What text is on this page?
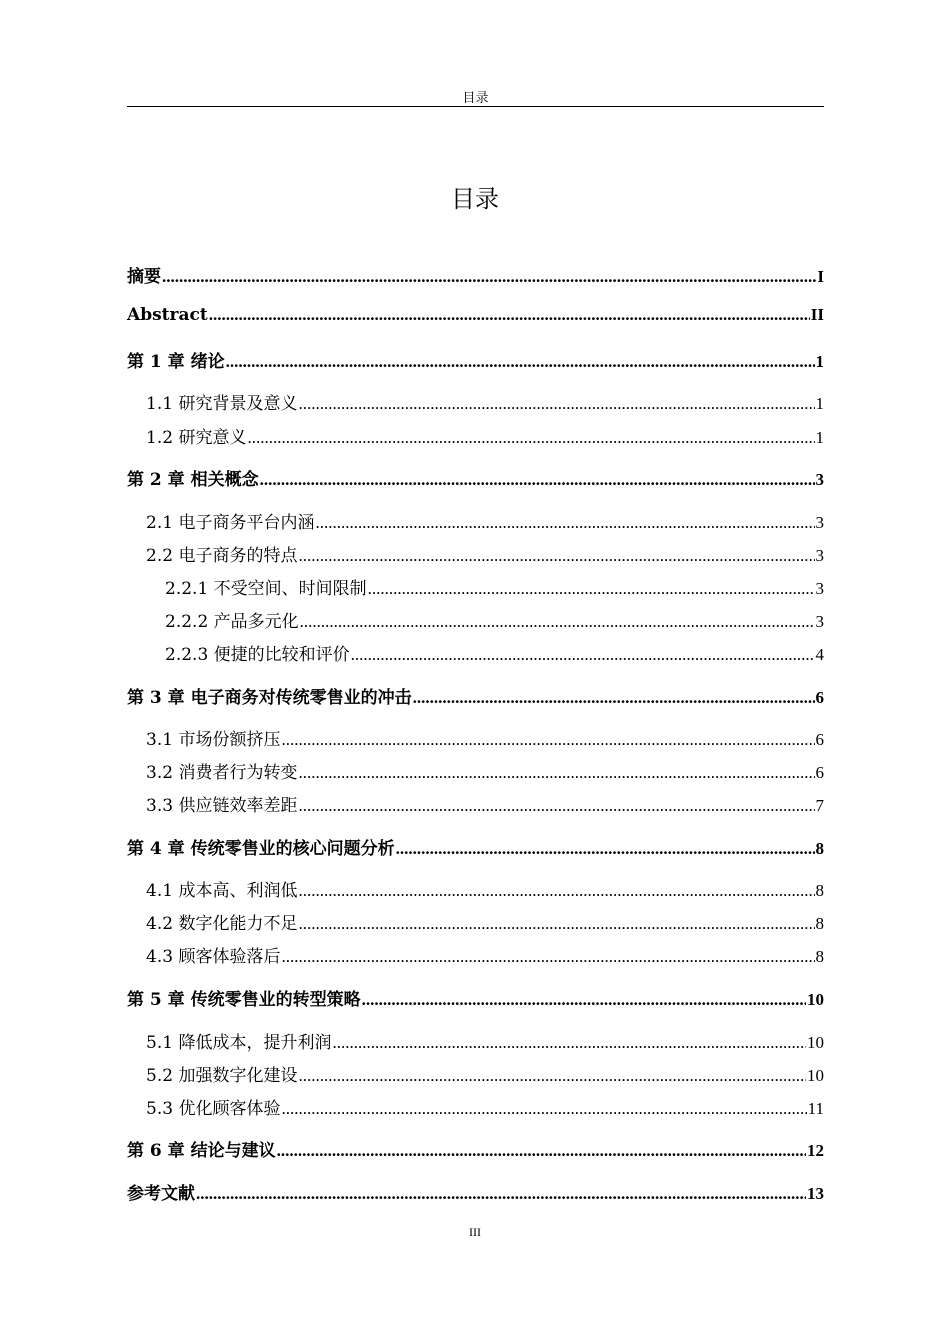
目录
目录
摘要 .....	I
Abstract .....	II
第 1 章 绪论 .....	1
1.1 研究背景及意义 .....	1
1.2 研究意义 .....	1
第 2 章 相关概念 .....	3
2.1 电子商务平台内涵 .....	3
2.2 电子商务的特点 .....	3
2.2.1 不受空间、时间限制 .....	3
2.2.2 产品多元化 .....	3
2.2.3 便捷的比较和评价 .....	4
第 3 章 电子商务对传统零售业的冲击 .....	6
3.1 市场份额挤压 .....	6
3.2 消费者行为转变 .....	6
3.3 供应链效率差距 .....	7
第 4 章 传统零售业的核心问题分析 .....	8
4.1 成本高、利润低 .....	8
4.2 数字化能力不足 .....	8
4.3 顾客体验落后 .....	8
第 5 章 传统零售业的转型策略 .....	10
5.1 降低成本，提升利润 .....	10
5.2 加强数字化建设 .....	10
5.3 优化顾客体验 .....	11
第 6 章 结论与建议 .....	12
参考文献 .....	13
III
